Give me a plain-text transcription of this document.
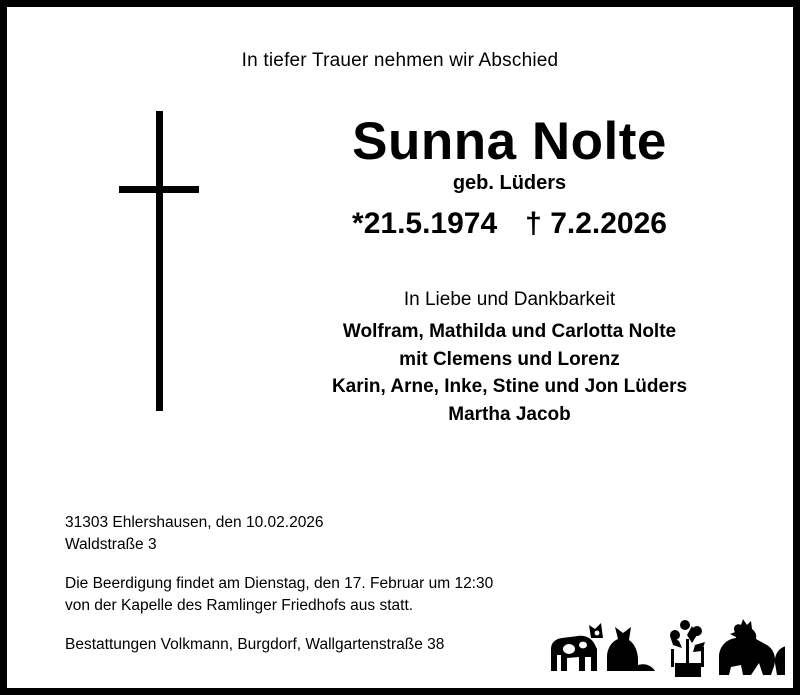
In tiefer Trauer nehmen wir Abschied
Sunna Nolte
geb. Lüders
*21.5.1974 † 7.2.2026
In Liebe und Dankbarkeit
Wolfram, Mathilda und Carlotta Nolte
mit Clemens und Lorenz
Karin, Arne, Inke, Stine und Jon Lüders
Martha Jacob
31303 Ehlershausen, den 10.02.2026
Waldstraße 3
Die Beerdigung findet am Dienstag, den 17. Februar um 12:30
von der Kapelle des Ramlinger Friedhofs aus statt.
Bestattungen Volkmann, Burgdorf, Wallgartenstraße 38
